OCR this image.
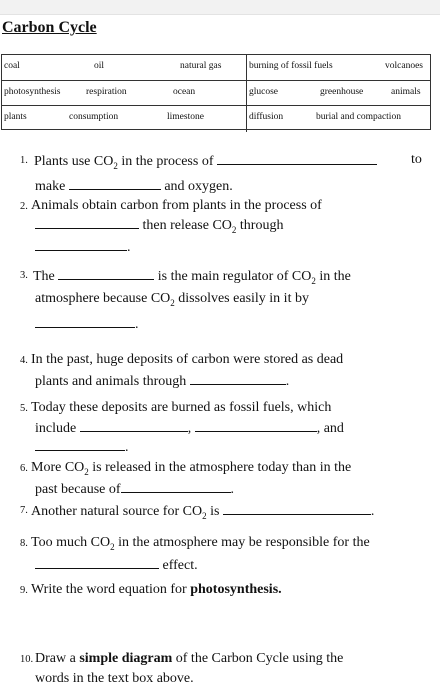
Carbon Cycle
coal	oil	natural gas	burning of fossil fuels	volcanoes
photosynthesis	respiration	ocean	glucose	greenhouse	animals
plants	consumption	limestone	diffusion	burial and compaction
1. Plants use $CO_2$ in the process of	to
make	and oxygen.
2. Animals obtain carbon from plants in the process of
then release $CO_2$ through
.
3. The	is the main regulator of $CO_2$ in the
atmosphere because $CO_2$ dissolves easily in it by
.
4. In the past, huge deposits of carbon were stored as dead
plants and animals through	.
5. Today these deposits are burned as fossil fuels, which
include	,	, and
.
6. More $CO_2$ is released in the atmosphere today than in the
past because of	.
7. Another natural source for $CO_2$ is	.
8. Too much $CO_2$ in the atmosphere may be responsible for the
effect.
9. Write the word equation for photosynthesis.
10. Draw a simple diagram of the Carbon Cycle using the
words in the text box above.
